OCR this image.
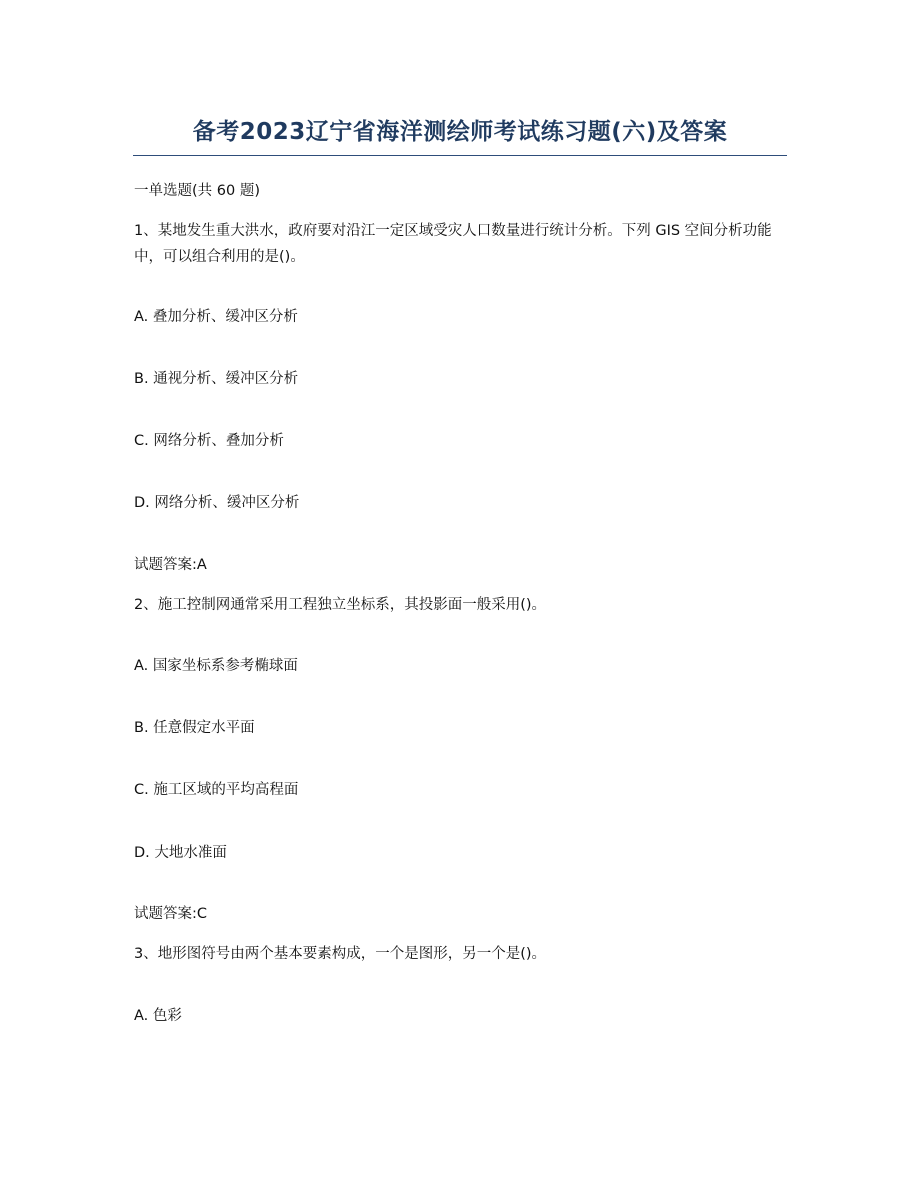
备考2023辽宁省海洋测绘师考试练习题(六)及答案
一单选题(共 60 题)
1、某地发生重大洪水，政府要对沿江一定区域受灾人口数量进行统计分析。下列 GIS 空间分析功能中，可以组合利用的是()。
A. 叠加分析、缓冲区分析
B. 通视分析、缓冲区分析
C. 网络分析、叠加分析
D. 网络分析、缓冲区分析
试题答案:A
2、施工控制网通常采用工程独立坐标系，其投影面一般采用()。
A. 国家坐标系参考椭球面
B. 任意假定水平面
C. 施工区域的平均高程面
D. 大地水准面
试题答案:C
3、地形图符号由两个基本要素构成，一个是图形，另一个是()。
A. 色彩
